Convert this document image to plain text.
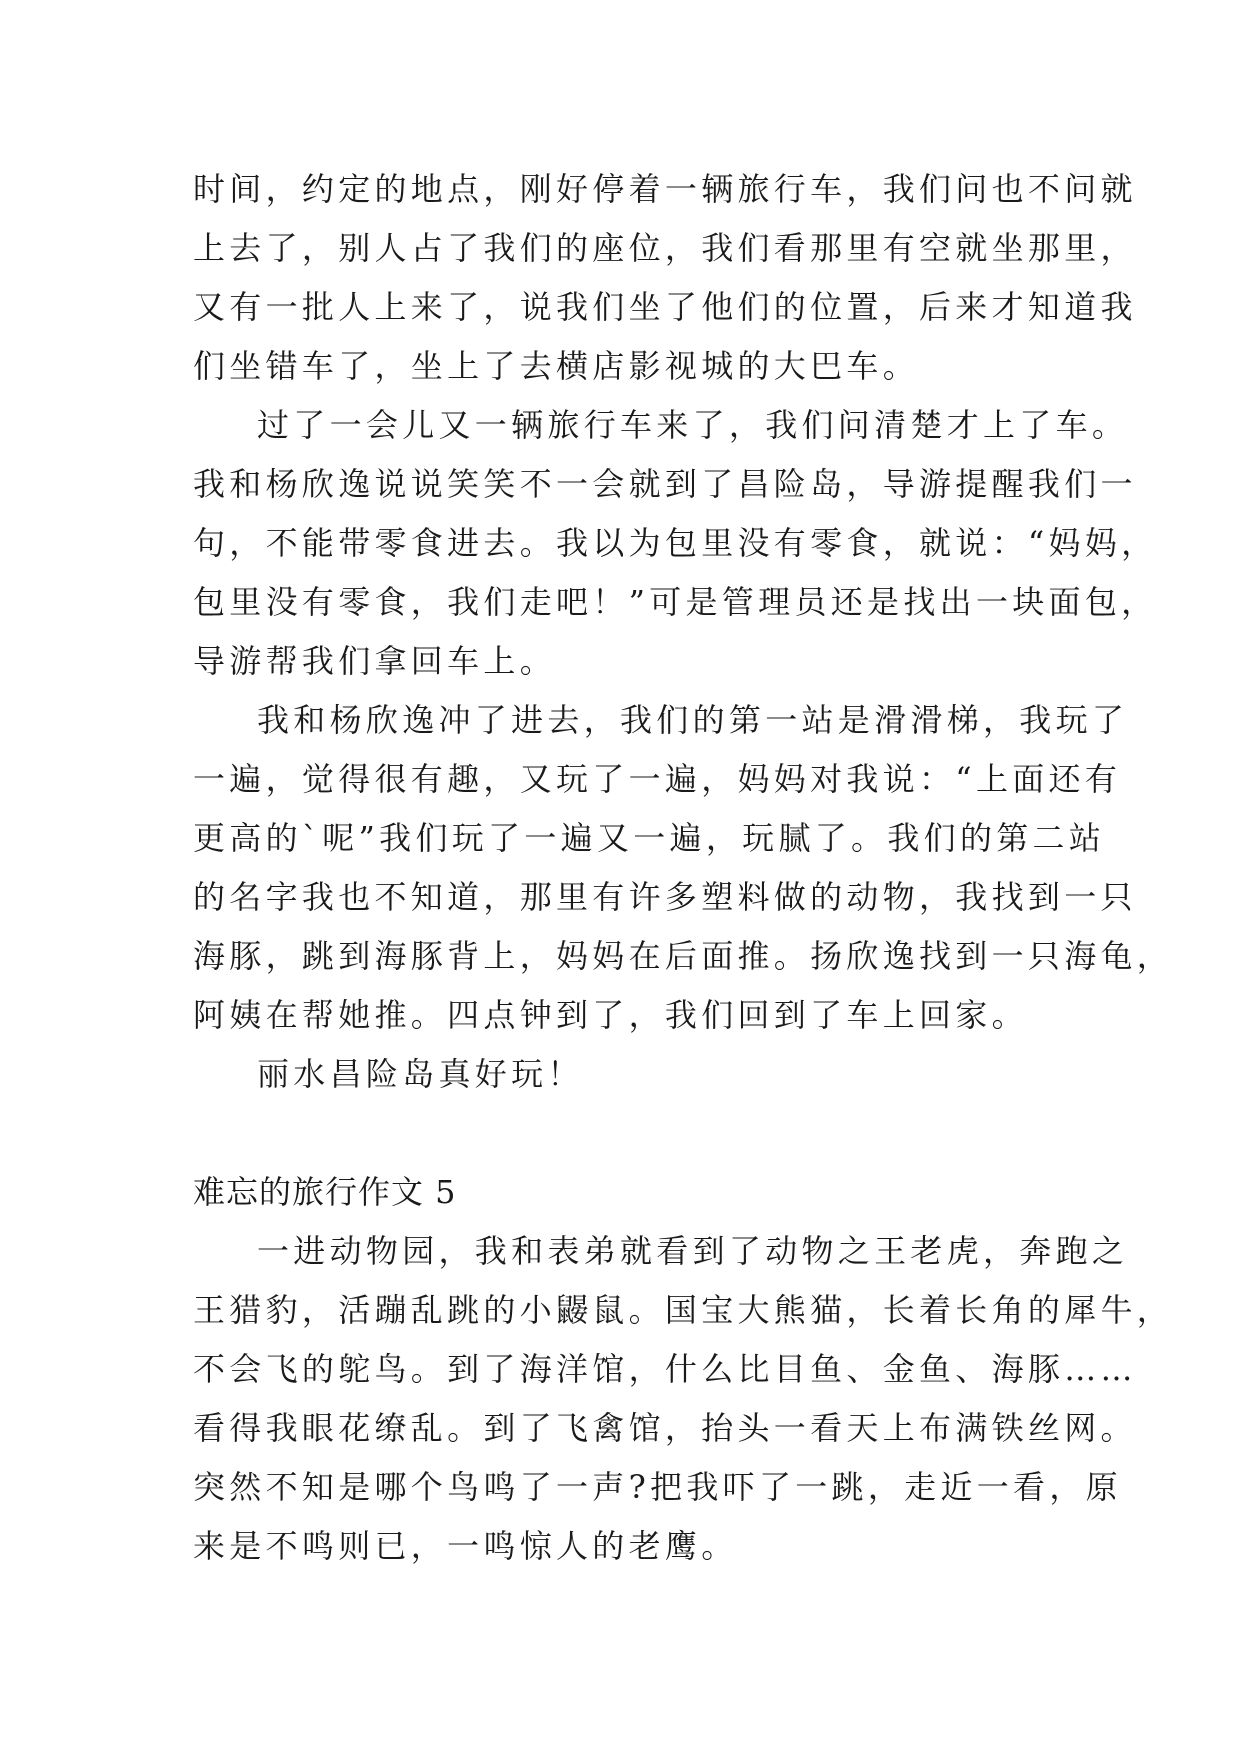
时间，约定的地点，刚好停着一辆旅行车，我们问也不问就
上去了，别人占了我们的座位，我们看那里有空就坐那里，
又有一批人上来了，说我们坐了他们的位置，后来才知道我
们坐错车了，坐上了去横店影视城的大巴车。
过了一会儿又一辆旅行车来了，我们问清楚才上了车。
我和杨欣逸说说笑笑不一会就到了昌险岛，导游提醒我们一
句，不能带零食进去。我以为包里没有零食，就说：“妈妈，
包里没有零食，我们走吧！”可是管理员还是找出一块面包，
导游帮我们拿回车上。
我和杨欣逸冲了进去，我们的第一站是滑滑梯，我玩了
一遍，觉得很有趣，又玩了一遍，妈妈对我说：“上面还有
更高的`呢”我们玩了一遍又一遍，玩腻了。我们的第二站
的名字我也不知道，那里有许多塑料做的动物，我找到一只
海豚，跳到海豚背上，妈妈在后面推。扬欣逸找到一只海龟，
阿姨在帮她推。四点钟到了，我们回到了车上回家。
丽水昌险岛真好玩！
难忘的旅行作文 5
一进动物园，我和表弟就看到了动物之王老虎，奔跑之
王猎豹，活蹦乱跳的小鼹鼠。国宝大熊猫，长着长角的犀牛，
不会飞的鸵鸟。到了海洋馆，什么比目鱼、金鱼、海豚……
看得我眼花缭乱。到了飞禽馆，抬头一看天上布满铁丝网。
突然不知是哪个鸟鸣了一声?把我吓了一跳，走近一看，原
来是不鸣则已，一鸣惊人的老鹰。
